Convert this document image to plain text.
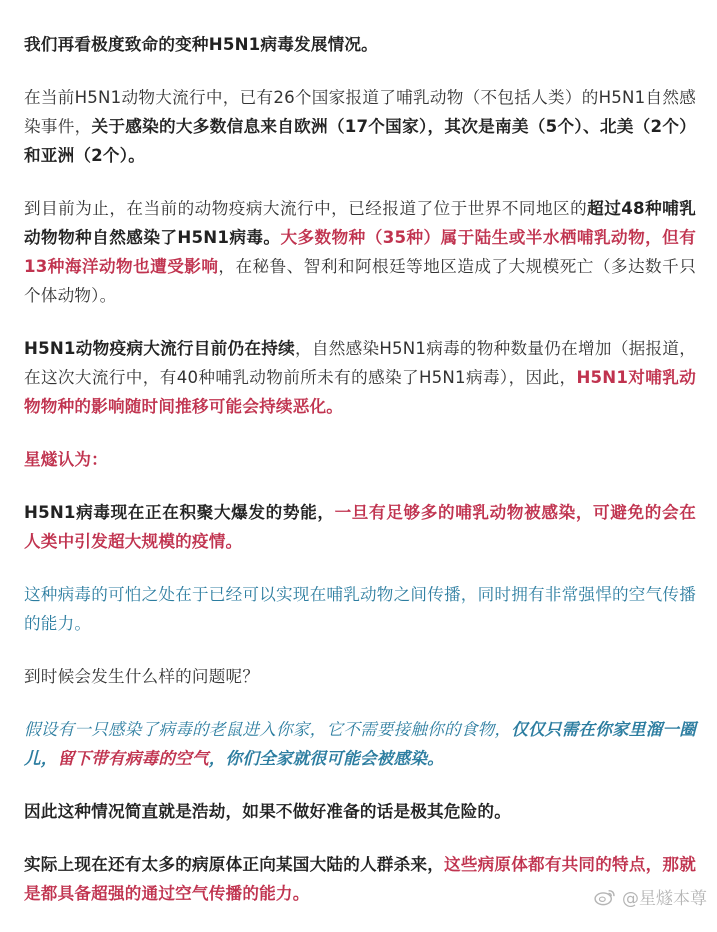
我们再看极度致命的变种H5N1病毒发展情况。

在当前H5N1动物大流行中，已有26个国家报道了哺乳动物（不包括人类）的H5N1自然感染事件，关于感染的大多数信息来自欧洲（17个国家），其次是南美（5个）、北美（2个）和亚洲（2个）。

到目前为止，在当前的动物疫病大流行中，已经报道了位于世界不同地区的超过48种哺乳动物物种自然感染了H5N1病毒。大多数物种（35种）属于陆生或半水栖哺乳动物，但有13种海洋动物也遭受影响，在秘鲁、智利和阿根廷等地区造成了大规模死亡（多达数千只个体动物）。

H5N1动物疫病大流行目前仍在持续，自然感染H5N1病毒的物种数量仍在增加（据报道，在这次大流行中，有40种哺乳动物前所未有的感染了H5N1病毒），因此，H5N1对哺乳动物物种的影响随时间推移可能会持续恶化。

星燧认为：

H5N1病毒现在正在积聚大爆发的势能，一旦有足够多的哺乳动物被感染，可避免的会在人类中引发超大规模的疫情。

这种病毒的可怕之处在于已经可以实现在哺乳动物之间传播，同时拥有非常强悍的空气传播的能力。

到时候会发生什么样的问题呢？

假设有一只感染了病毒的老鼠进入你家，它不需要接触你的食物，仅仅只需在你家里溜一圈儿，留下带有病毒的空气，你们全家就很可能会被感染。

因此这种情况简直就是浩劫，如果不做好准备的话是极其危险的。

实际上现在还有太多的病原体正向某国大陆的人群杀来，这些病原体都有共同的特点，那就是都具备超强的通过空气传播的能力。	@星燧本尊
